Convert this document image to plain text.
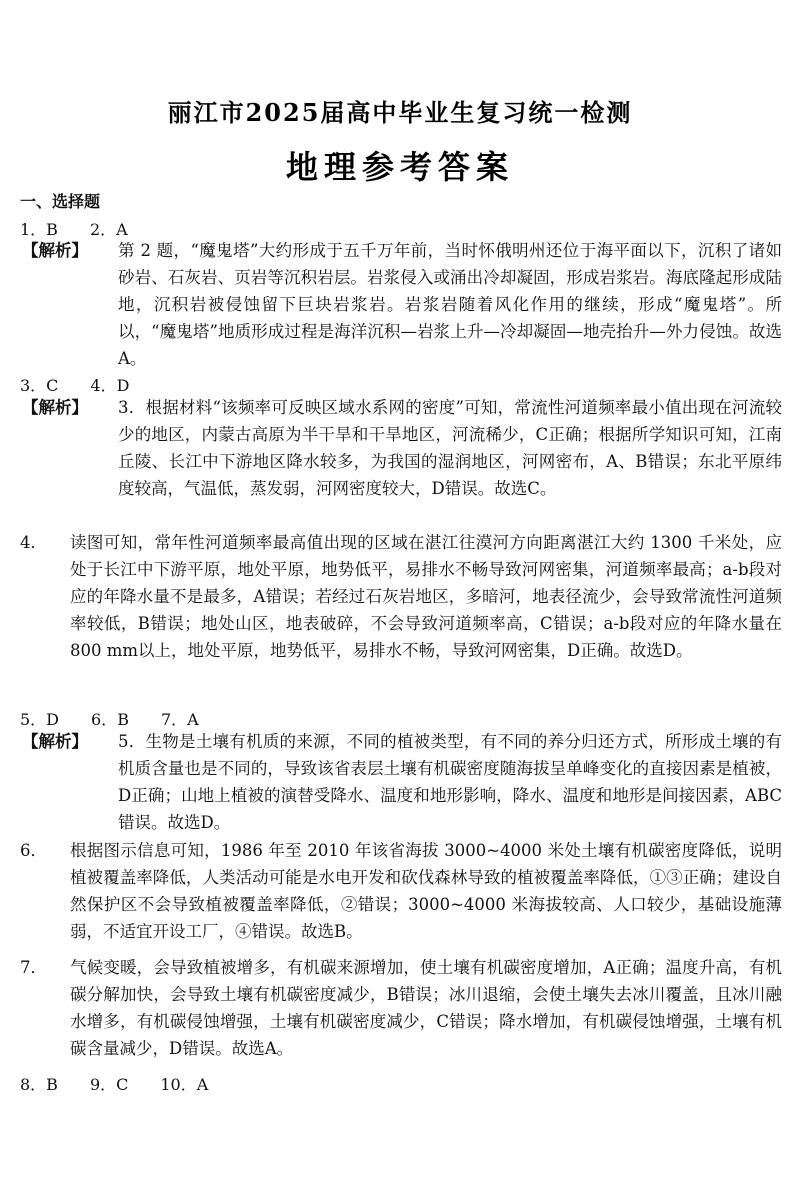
丽江市2025届高中毕业生复习统一检测
地理参考答案
一、选择题
1．B　　2．A
【解析】 第 2 题，“魔鬼塔”大约形成于五千万年前，当时怀俄明州还位于海平面以下，沉积了诸如砂岩、石灰岩、页岩等沉积岩层。岩浆侵入或涌出冷却凝固，形成岩浆岩。海底隆起形成陆地，沉积岩被侵蚀留下巨块岩浆岩。岩浆岩随着风化作用的继续，形成“魔鬼塔”。所以，“魔鬼塔”地质形成过程是海洋沉积—岩浆上升—冷却凝固—地壳抬升—外力侵蚀。故选A。
3．C　　4．D
【解析】 3．根据材料“该频率可反映区域水系网的密度”可知，常流性河道频率最小值出现在河流较少的地区，内蒙古高原为半干旱和干旱地区，河流稀少，C正确；根据所学知识可知，江南丘陵、长江中下游地区降水较多，为我国的湿润地区，河网密布，A、B错误；东北平原纬度较高，气温低，蒸发弱，河网密度较大，D错误。故选C。
4． 读图可知，常年性河道频率最高值出现的区域在湛江往漠河方向距离湛江大约 1300 千米处，应处于长江中下游平原，地处平原，地势低平，易排水不畅导致河网密集，河道频率最高；a-b段对应的年降水量不是最多，A错误；若经过石灰岩地区，多暗河，地表径流少，会导致常流性河道频率较低，B错误；地处山区，地表破碎，不会导致河道频率高，C错误；a-b段对应的年降水量在 800 mm以上，地处平原，地势低平，易排水不畅，导致河网密集，D正确。故选D。
5．D　　6．B　　7．A
【解析】 5．生物是土壤有机质的来源，不同的植被类型，有不同的养分归还方式，所形成土壤的有机质含量也是不同的，导致该省表层土壤有机碳密度随海拔呈单峰变化的直接因素是植被，D正确；山地上植被的演替受降水、温度和地形影响，降水、温度和地形是间接因素，ABC错误。故选D。
6． 根据图示信息可知，1986 年至 2010 年该省海拔 3000~4000 米处土壤有机碳密度降低，说明植被覆盖率降低，人类活动可能是水电开发和砍伐森林导致的植被覆盖率降低，①③正确；建设自然保护区不会导致植被覆盖率降低，②错误；3000~4000 米海拔较高、人口较少，基础设施薄弱，不适宜开设工厂，④错误。故选B。
7． 气候变暖，会导致植被增多，有机碳来源增加，使土壤有机碳密度增加，A正确；温度升高，有机碳分解加快，会导致土壤有机碳密度减少，B错误；冰川退缩，会使土壤失去冰川覆盖，且冰川融水增多，有机碳侵蚀增强，土壤有机碳密度减少，C错误；降水增加，有机碳侵蚀增强，土壤有机碳含量减少，D错误。故选A。
8．B　　9．C　　10．A
